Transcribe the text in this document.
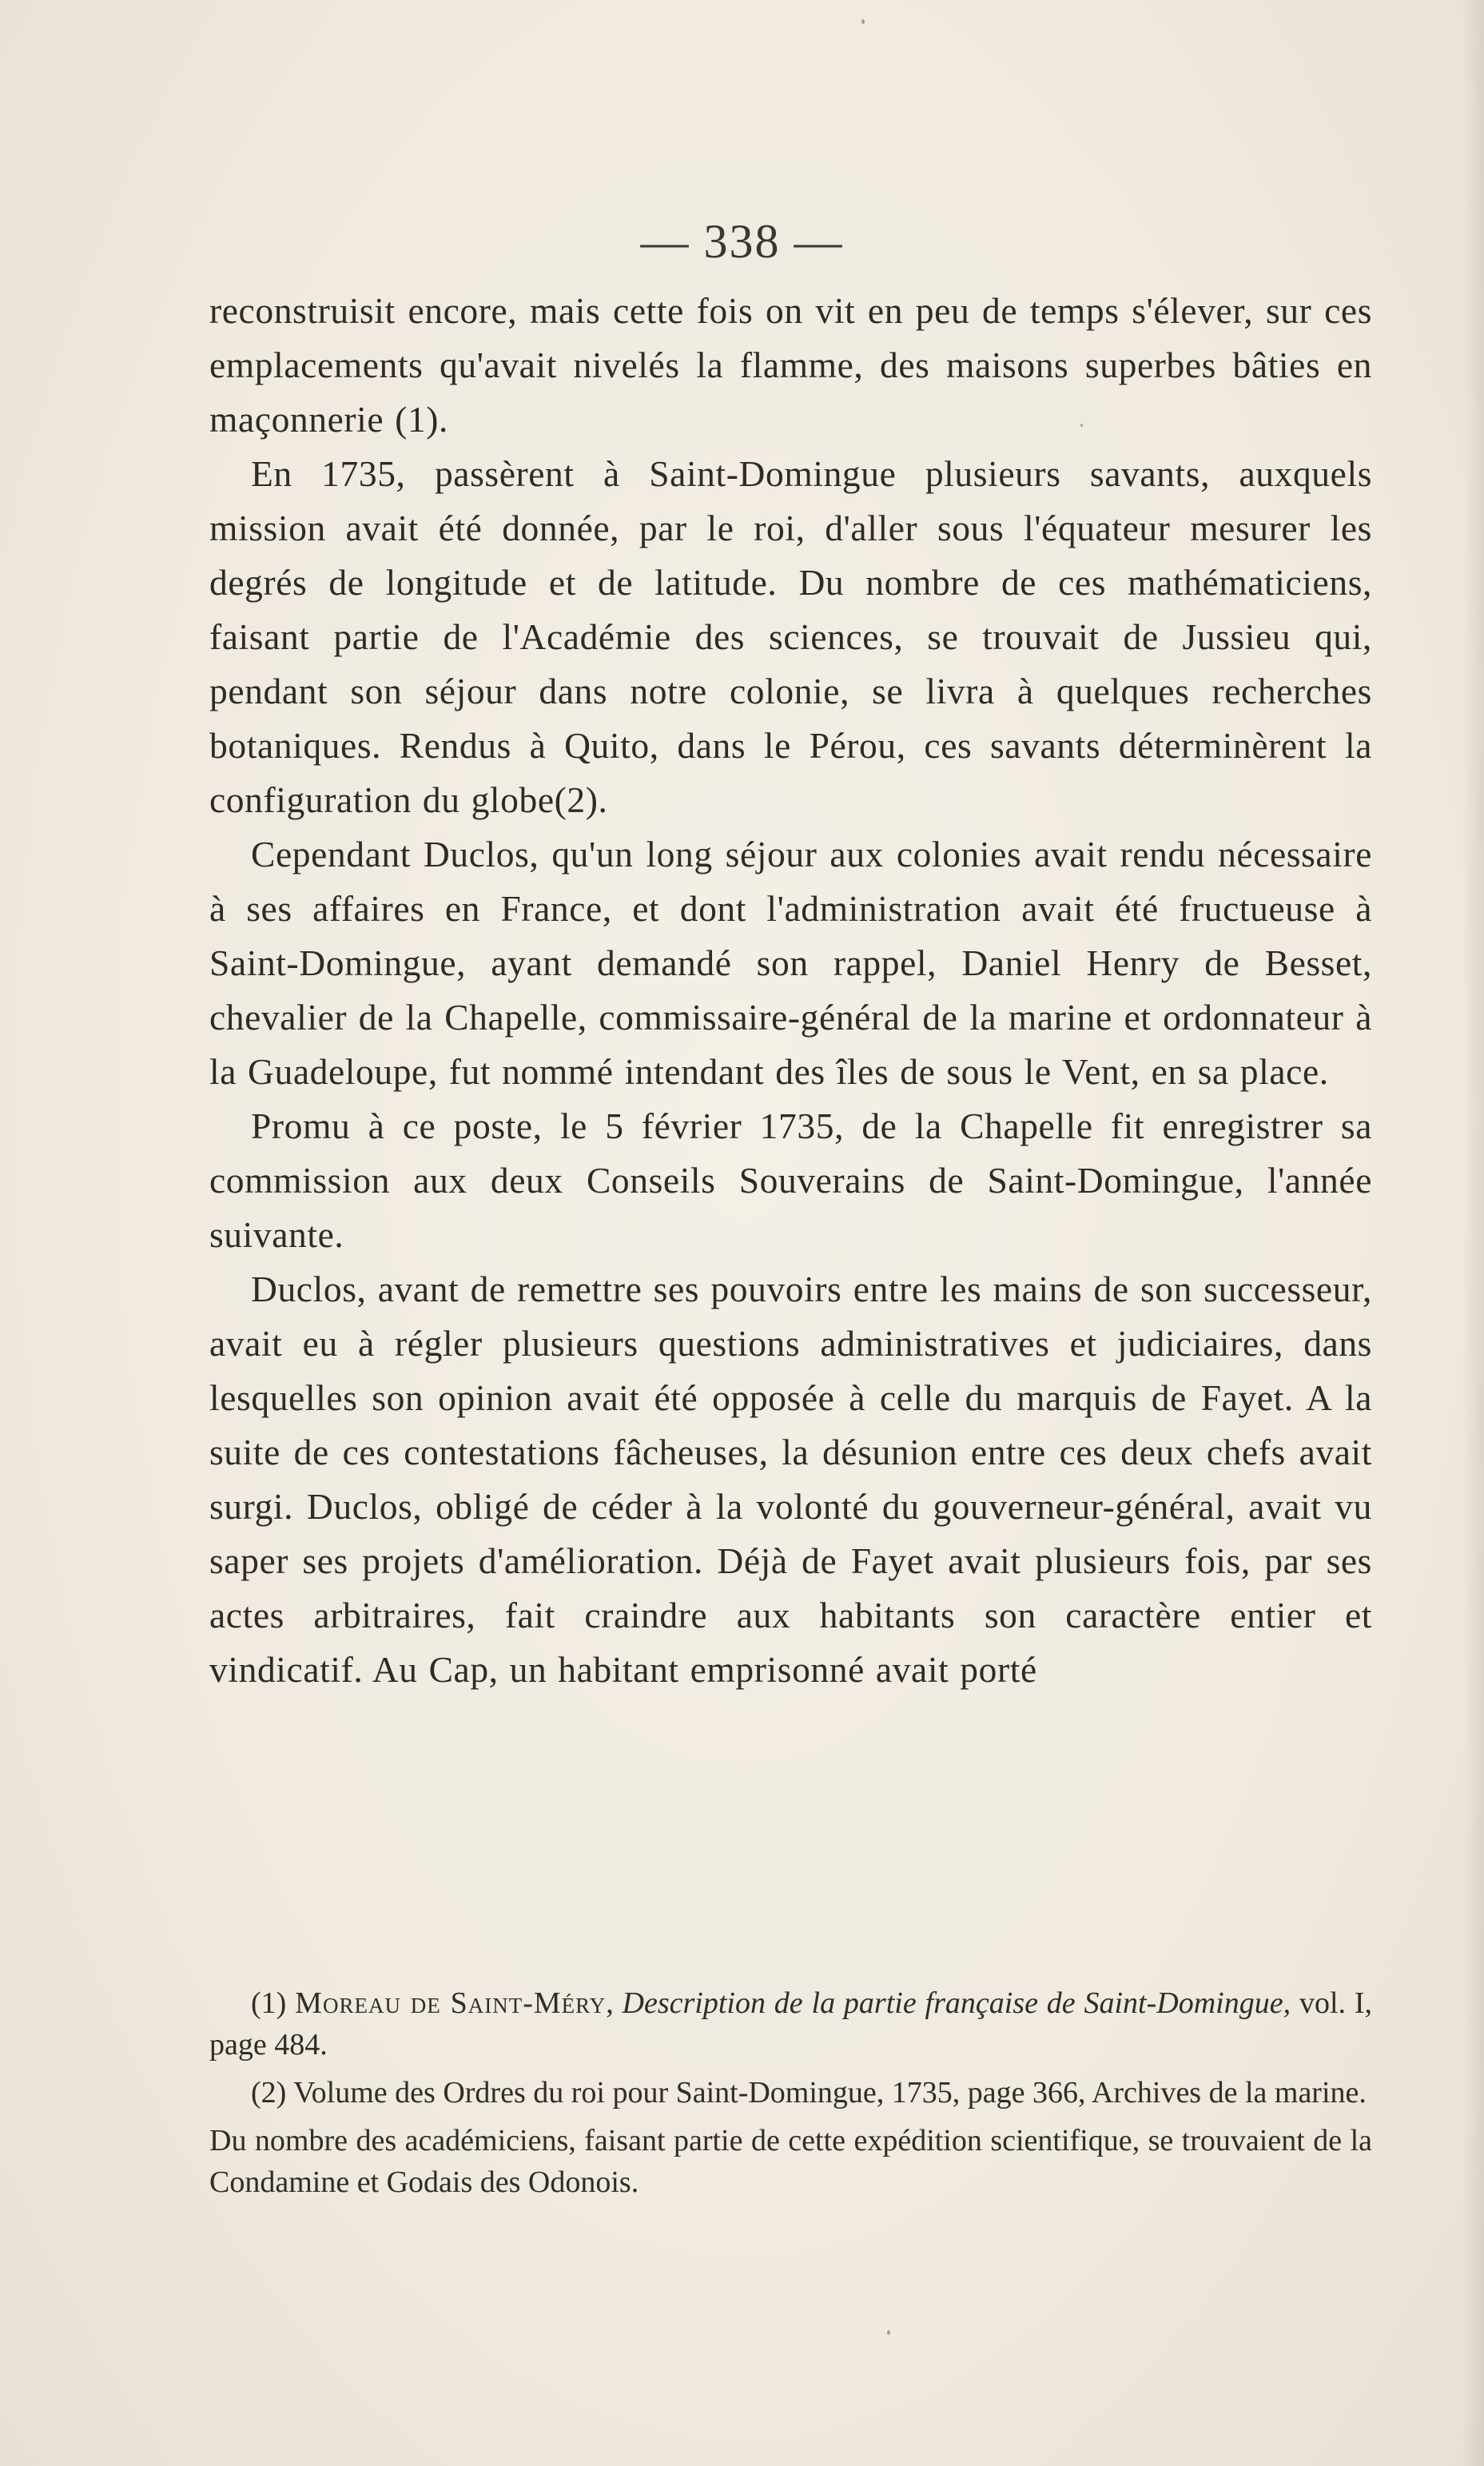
— 338 —

reconstruisit encore, mais cette fois on vit en peu de temps s'élever, sur ces emplacements qu'avait nivelés la flamme, des maisons superbes bâties en maçonnerie (1).

En 1735, passèrent à Saint-Domingue plusieurs savants, auxquels mission avait été donnée, par le roi, d'aller sous l'équateur mesurer les degrés de longitude et de latitude. Du nombre de ces mathématiciens, faisant partie de l'Académie des sciences, se trouvait de Jussieu qui, pendant son séjour dans notre colonie, se livra à quelques recherches botaniques. Rendus à Quito, dans le Pérou, ces savants déterminèrent la configuration du globe(2).

Cependant Duclos, qu'un long séjour aux colonies avait rendu nécessaire à ses affaires en France, et dont l'administration avait été fructueuse à Saint-Domingue, ayant demandé son rappel, Daniel Henry de Besset, chevalier de la Chapelle, commissaire-général de la marine et ordonnateur à la Guadeloupe, fut nommé intendant des îles de sous le Vent, en sa place.

Promu à ce poste, le 5 février 1735, de la Chapelle fit enregistrer sa commission aux deux Conseils Souverains de Saint-Domingue, l'année suivante.

Duclos, avant de remettre ses pouvoirs entre les mains de son successeur, avait eu à régler plusieurs questions administratives et judiciaires, dans lesquelles son opinion avait été opposée à celle du marquis de Fayet. A la suite de ces contestations fâcheuses, la désunion entre ces deux chefs avait surgi. Duclos, obligé de céder à la volonté du gouverneur-général, avait vu saper ses projets d'amélioration. Déjà de Fayet avait plusieurs fois, par ses actes arbitraires, fait craindre aux habitants son caractère entier et vindicatif. Au Cap, un habitant emprisonné avait porté

(1) Moreau de Saint-Méry, Description de la partie française de Saint-Domingue, vol. I, page 484.

(2) Volume des Ordres du roi pour Saint-Domingue, 1735, page 366, Archives de la marine.

Du nombre des académiciens, faisant partie de cette expédition scientifique, se trouvaient de la Condamine et Godais des Odonois.
